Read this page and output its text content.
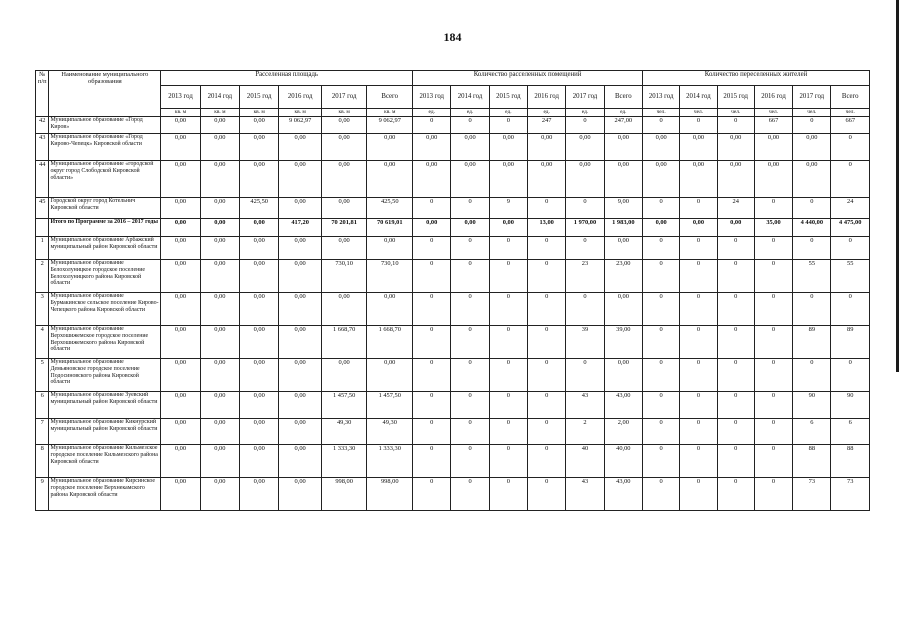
184
№ п/п	Наименование муниципального образования	Расселенная площадь						Количество расселенных помещений						Количество переселенных жителей					
		2013 год	2014 год	2015 год	2016 год	2017 год	Всего	2013 год	2014 год	2015 год	2016 год	2017 год	Всего	2013 год	2014 год	2015 год	2016 год	2017 год	Всего
		кв. м	кв. м	кв. м	кв. м	кв. м	кв. м	ед.	ед.	ед.	ед.	ед.	ед.	чел.	чел.	чел.	чел.	чел.	чел.
42	Муниципальное образование «Город Киров»	0,00	0,00	0,00	9 062,97	0,00	9 062,97	0	0	0	247	0	247,00	0	0	0	667	0	667
43	Муниципальное образование «Город Кирово-Чепецк» Кировской области	0,00	0,00	0,00	0,00	0,00	0,00	0,00	0,00	0,00	0,00	0,00	0,00	0,00	0,00	0,00	0,00	0,00	0
44	Муниципальное образование «городской округ город Слободской Кировской области»	0,00	0,00	0,00	0,00	0,00	0,00	0,00	0,00	0,00	0,00	0,00	0,00	0,00	0,00	0,00	0,00	0,00	0
45	Городской округ город Котельнич Кировской области	0,00	0,00	425,50	0,00	0,00	425,50	0	0	9	0	0	9,00	0	0	24	0	0	24
	Итого по Программе за 2016 – 2017 годы	0,00	0,00	0,00	417,20	70 201,81	70 619,01	0,00	0,00	0,00	13,00	1 970,00	1 983,00	0,00	0,00	0,00	35,00	4 440,00	4 475,00
1	Муниципальное образование Арбажский муниципальный район Кировской области	0,00	0,00	0,00	0,00	0,00	0,00	0	0	0	0	0	0,00	0	0	0	0	0	0
2	Муниципальное образование Белохолуницкое городское поселение Белохолуницкого района Кировской области	0,00	0,00	0,00	0,00	730,10	730,10	0	0	0	0	23	23,00	0	0	0	0	55	55
3	Муниципальное образование Бурмакинское сельское поселение Кирово-Чепецкого района Кировской области	0,00	0,00	0,00	0,00	0,00	0,00	0	0	0	0	0	0,00	0	0	0	0	0	0
4	Муниципальное образование Верхошижемское городское поселение Верхошижемского района Кировской области	0,00	0,00	0,00	0,00	1 668,70	1 668,70	0	0	0	0	39	39,00	0	0	0	0	89	89
5	Муниципальное образование Демьяновское городское поселение Подосиновского района Кировской области	0,00	0,00	0,00	0,00	0,00	0,00	0	0	0	0	0	0,00	0	0	0	0	0	0
6	Муниципальное образование Зуевский муниципальный район Кировской области	0,00	0,00	0,00	0,00	1 457,50	1 457,50	0	0	0	0	43	43,00	0	0	0	0	90	90
7	Муниципальное образование Кикнурский муниципальный район Кировской области	0,00	0,00	0,00	0,00	49,30	49,30	0	0	0	0	2	2,00	0	0	0	0	6	6
8	Муниципальное образование Кильмезское городское поселение Кильмезского района Кировской области	0,00	0,00	0,00	0,00	1 333,30	1 333,30	0	0	0	0	40	40,00	0	0	0	0	88	88
9	Муниципальное образование Кирсинское городское поселение Верхнекамского района Кировской области	0,00	0,00	0,00	0,00	998,00	998,00	0	0	0	0	43	43,00	0	0	0	0	73	73
